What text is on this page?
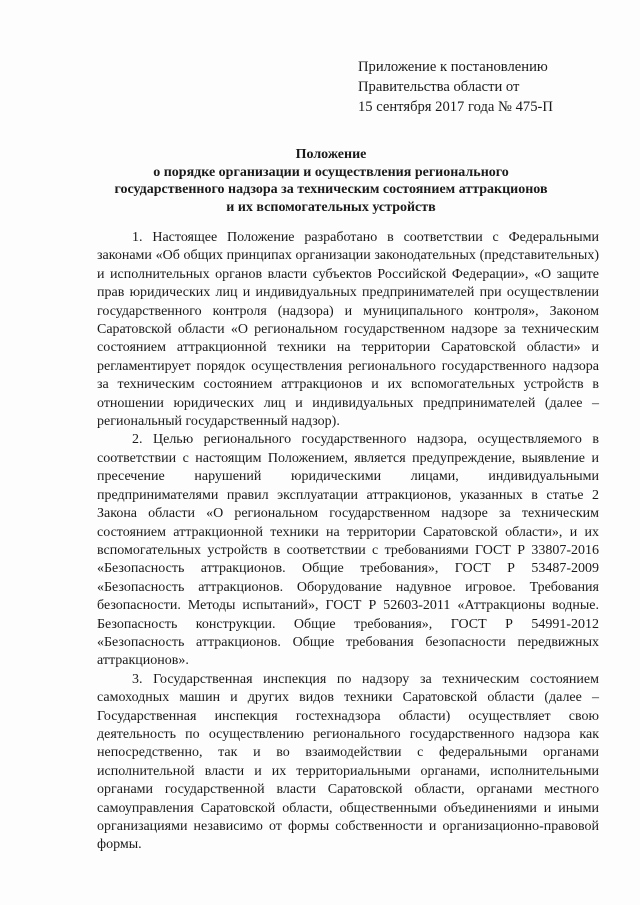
Приложение к постановлению
Правительства области от
15 сентября 2017 года № 475-П
Положение
о порядке организации и осуществления регионального
государственного надзора за техническим состоянием аттракционов
и их вспомогательных устройств

1. Настоящее Положение разработано в соответствии с Федеральными законами «Об общих принципах организации законодательных (представительных) и исполнительных органов власти субъектов Российской Федерации», «О защите прав юридических лиц и индивидуальных предпринимателей при осуществлении государственного контроля (надзора) и муниципального контроля», Законом Саратовской области «О региональном государственном надзоре за техническим состоянием аттракционной техники на территории Саратовской области» и регламентирует порядок осуществления регионального государственного надзора за техническим состоянием аттракционов и их вспомогательных устройств в отношении юридических лиц и индивидуальных предпринимателей (далее – региональный государственный надзор).

2. Целью регионального государственного надзора, осуществляемого в соответствии с настоящим Положением, является предупреждение, выявление и пресечение нарушений юридическими лицами, индивидуальными предпринимателями правил эксплуатации аттракционов, указанных в статье 2 Закона области «О региональном государственном надзоре за техническим состоянием аттракционной техники на территории Саратовской области», и их вспомогательных устройств в соответствии с требованиями ГОСТ Р 33807-2016 «Безопасность аттракционов. Общие требования», ГОСТ Р 53487-2009 «Безопасность аттракционов. Оборудование надувное игровое. Требования безопасности. Методы испытаний», ГОСТ Р 52603-2011 «Аттракционы водные. Безопасность конструкции. Общие требования», ГОСТ Р 54991-2012 «Безопасность аттракционов. Общие требования безопасности передвижных аттракционов».

3. Государственная инспекция по надзору за техническим состоянием самоходных машин и других видов техники Саратовской области (далее – Государственная инспекция гостехнадзора области) осуществляет свою деятельность по осуществлению регионального государственного надзора как непосредственно, так и во взаимодействии с федеральными органами исполнительной власти и их территориальными органами, исполнительными органами государственной власти Саратовской области, органами местного самоуправления Саратовской области, общественными объединениями и иными организациями независимо от формы собственности и организационно-правовой формы.
